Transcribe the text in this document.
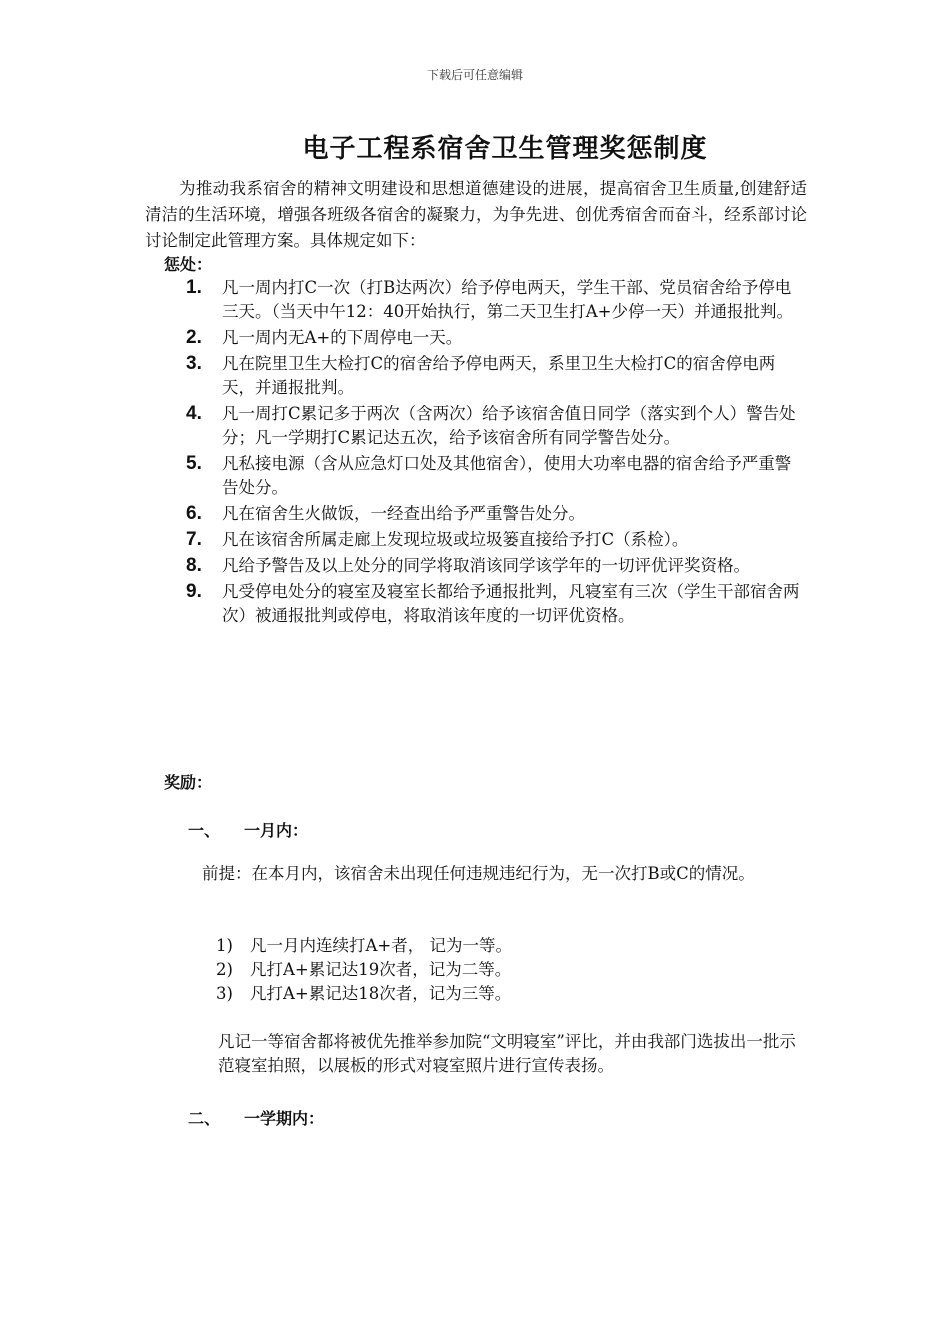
下载后可任意编辑
电子工程系宿舍卫生管理奖惩制度
为推动我系宿舍的精神文明建设和思想道德建设的进展，提高宿舍卫生质量,创建舒适清洁的生活环境，增强各班级各宿舍的凝聚力，为争先进、创优秀宿舍而奋斗，经系部讨论讨论制定此管理方案。具体规定如下：
惩处：
1. 凡一周内打C一次（打B达两次）给予停电两天，学生干部、党员宿舍给予停电三天。（当天中午12：40开始执行，第二天卫生打A+少停一天）并通报批判。
2. 凡一周内无A+的下周停电一天。
3. 凡在院里卫生大检打C的宿舍给予停电两天，系里卫生大检打C的宿舍停电两天，并通报批判。
4. 凡一周打C累记多于两次（含两次）给予该宿舍值日同学（落实到个人）警告处分；凡一学期打C累记达五次，给予该宿舍所有同学警告处分。
5. 凡私接电源（含从应急灯口处及其他宿舍），使用大功率电器的宿舍给予严重警告处分。
6. 凡在宿舍生火做饭，一经查出给予严重警告处分。
7. 凡在该宿舍所属走廊上发现垃圾或垃圾篓直接给予打C（系检）。
8. 凡给予警告及以上处分的同学将取消该同学该学年的一切评优评奖资格。
9. 凡受停电处分的寝室及寝室长都给予通报批判，凡寝室有三次（学生干部宿舍两次）被通报批判或停电，将取消该年度的一切评优资格。
奖励：
一、 一月内：
前提：在本月内，该宿舍未出现任何违规违纪行为，无一次打B或C的情况。
1) 凡一月内连续打A+者， 记为一等。
2) 凡打A+累记达19次者，记为二等。
3) 凡打A+累记达18次者，记为三等。
凡记一等宿舍都将被优先推举参加院“文明寝室”评比，并由我部门选拔出一批示范寝室拍照，以展板的形式对寝室照片进行宣传表扬。
二、 一学期内：
